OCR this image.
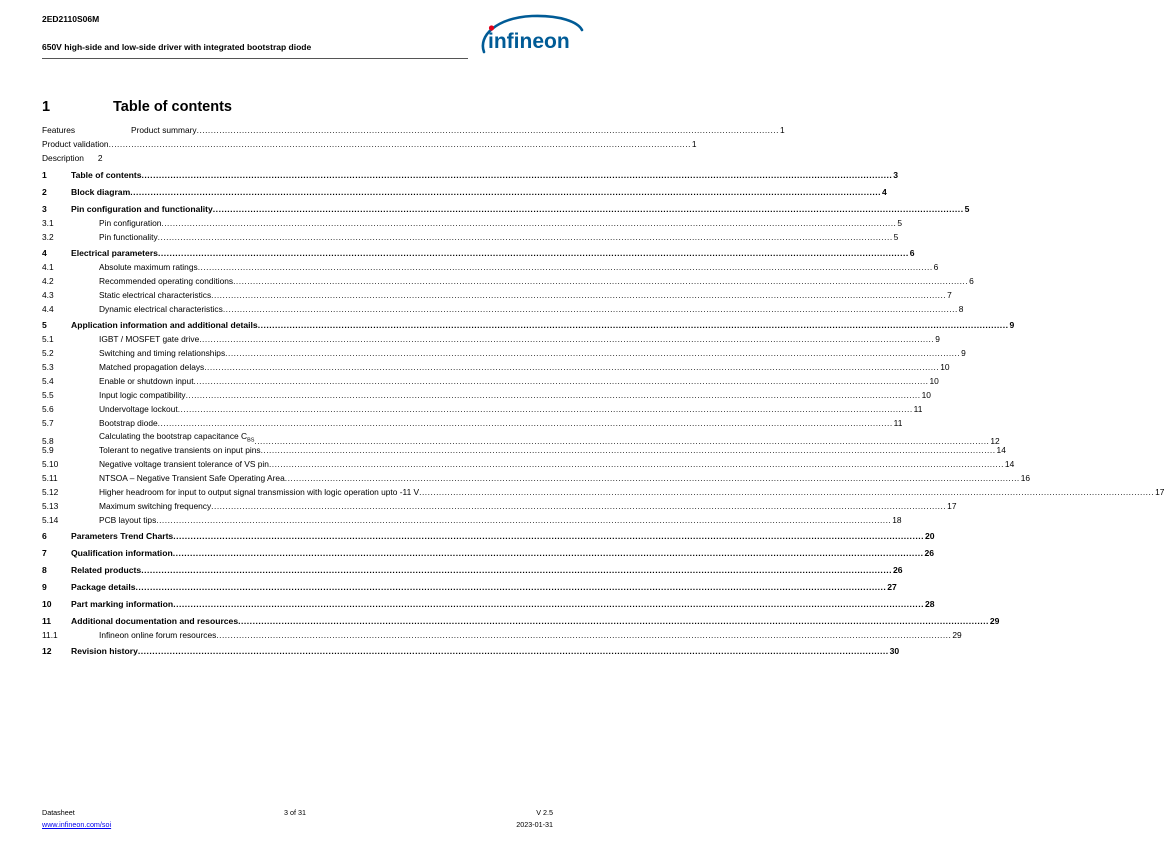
2ED2110S06M
650V high-side and low-side driver with integrated bootstrap diode	infineon
1	Table of contents
Features	Product summary .............................................................................................................................................................................................................. 1
Product validation .............................................................................................................................................................................................................. 1
Description 2
1	Table of contents .................................................................................................................................................................................................................................................................... 3
2	Block diagram .................................................................................................................................................................................................................................................................... 4
3	Pin configuration and functionality .................................................................................................................................................................................................................................................................... 5
3.1	Pin configuration .................................................................................................................................................................................................................................................................... 5
3.2	Pin functionality .................................................................................................................................................................................................................................................................... 5
4	Electrical parameters .................................................................................................................................................................................................................................................................... 6
4.1	Absolute maximum ratings .................................................................................................................................................................................................................................................................... 6
4.2	Recommended operating conditions .................................................................................................................................................................................................................................................................... 6
4.3	Static electrical characteristics .................................................................................................................................................................................................................................................................... 7
4.4	Dynamic electrical characteristics .................................................................................................................................................................................................................................................................... 8
5	Application information and additional details .................................................................................................................................................................................................................................................................... 9
5.1	IGBT / MOSFET gate drive .................................................................................................................................................................................................................................................................... 9
5.2	Switching and timing relationships .................................................................................................................................................................................................................................................................... 9
5.3	Matched propagation delays .................................................................................................................................................................................................................................................................... 10
5.4	Enable or shutdown input .................................................................................................................................................................................................................................................................... 10
5.5	Input logic compatibility .................................................................................................................................................................................................................................................................... 10
5.6	Undervoltage lockout .................................................................................................................................................................................................................................................................... 11
5.7	Bootstrap diode .................................................................................................................................................................................................................................................................... 11
5.8	Calculating the bootstrap capacitance $C_{BS}$ .................................................................................................................................................................................................................................................................... 12
5.9	Tolerant to negative transients on input pins .................................................................................................................................................................................................................................................................... 14
5.10	Negative voltage transient tolerance of VS pin .................................................................................................................................................................................................................................................................... 14
5.11	NTSOA – Negative Transient Safe Operating Area .................................................................................................................................................................................................................................................................... 16
5.12	Higher headroom for input to output signal transmission with logic operation upto -11 V .................................................................................................................................................................................................................................................................... 17
5.13	Maximum switching frequency .................................................................................................................................................................................................................................................................... 17
5.14	PCB layout tips .................................................................................................................................................................................................................................................................... 18
6	Parameters Trend Charts .................................................................................................................................................................................................................................................................... 20
7	Qualification information .................................................................................................................................................................................................................................................................... 26
8	Related products .................................................................................................................................................................................................................................................................... 26
9	Package details .................................................................................................................................................................................................................................................................... 27
10	Part marking information .................................................................................................................................................................................................................................................................... 28
11	Additional documentation and resources .................................................................................................................................................................................................................................................................... 29
11.1	Infineon online forum resources .................................................................................................................................................................................................................................................................... 29
12	Revision history .................................................................................................................................................................................................................................................................... 30
Datasheet
www.infineon.com/soi
3 of 31	V 2.5
2023-01-31
